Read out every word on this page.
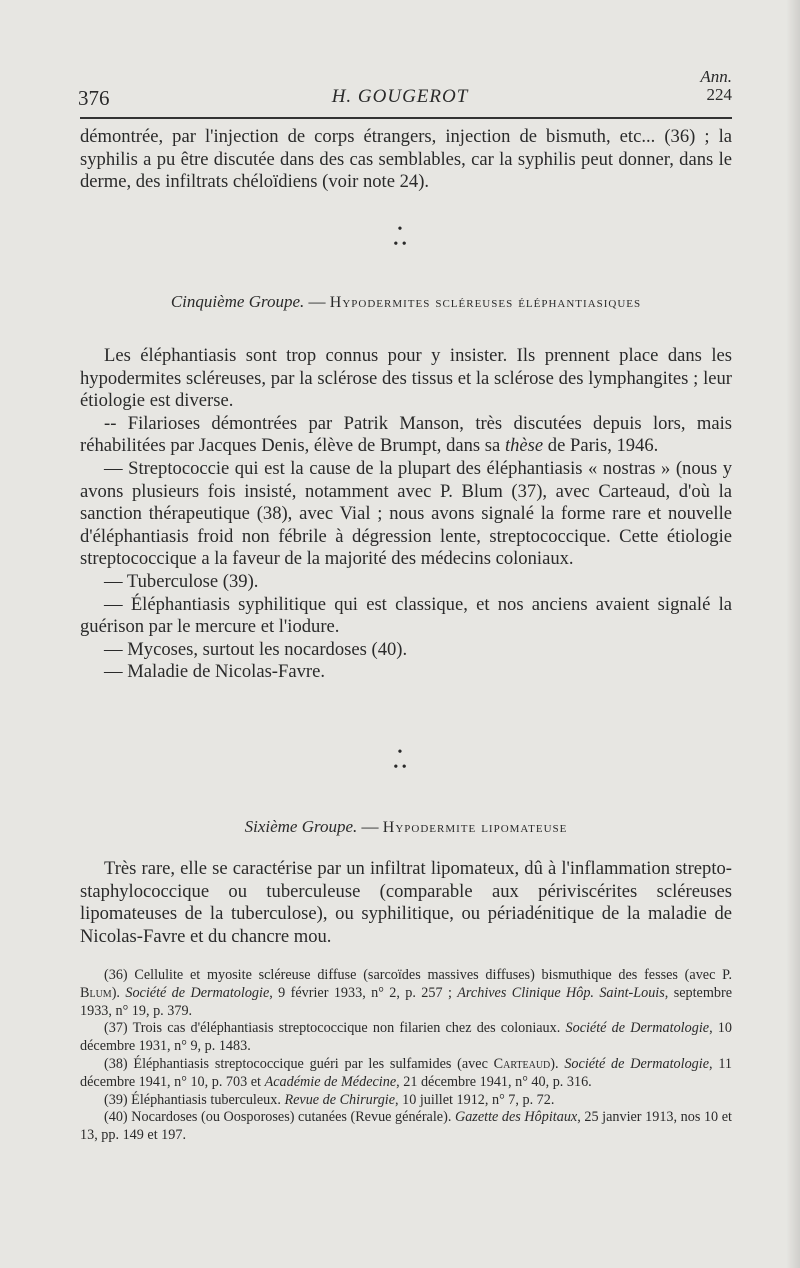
Ann.
224
376	H. GOUGEROT

démontrée, par l'injection de corps étrangers, injection de bismuth, etc... (36) ; la syphilis a pu être discutée dans des cas semblables, car la syphilis peut donner, dans le derme, des infiltrats chéloïdiens (voir note 24).

•
• •
Cinquième Groupe. — Hypodermites scléreuses éléphantiasiques

Les éléphantiasis sont trop connus pour y insister. Ils prennent place dans les hypodermites scléreuses, par la sclérose des tissus et la sclérose des lymphangites ; leur étiologie est diverse.

-- Filarioses démontrées par Patrik Manson, très discutées depuis lors, mais réhabilitées par Jacques Denis, élève de Brumpt, dans sa thèse de Paris, 1946.

— Streptococcie qui est la cause de la plupart des éléphantiasis « nostras » (nous y avons plusieurs fois insisté, notamment avec P. Blum (37), avec Carteaud, d'où la sanction thérapeutique (38), avec Vial ; nous avons signalé la forme rare et nouvelle d'éléphantiasis froid non fébrile à dégression lente, streptococcique. Cette étiologie streptococcique a la faveur de la majorité des médecins coloniaux.

— Tuberculose (39).

— Éléphantiasis syphilitique qui est classique, et nos anciens avaient signalé la guérison par le mercure et l'iodure.

— Mycoses, surtout les nocardoses (40).

— Maladie de Nicolas-Favre.

•
• •
Sixième Groupe. — Hypodermite lipomateuse

Très rare, elle se caractérise par un infiltrat lipomateux, dû à l'inflammation strepto-staphylococcique ou tuberculeuse (comparable aux périviscérites scléreuses lipomateuses de la tuberculose), ou syphilitique, ou périadénitique de la maladie de Nicolas-Favre et du chancre mou.

(36) Cellulite et myosite scléreuse diffuse (sarcoïdes massives diffuses) bismuthique des fesses (avec P. Blum). Société de Dermatologie, 9 février 1933, n° 2, p. 257 ; Archives Clinique Hôp. Saint-Louis, septembre 1933, n° 19, p. 379.

(37) Trois cas d'éléphantiasis streptococcique non filarien chez des coloniaux. Société de Dermatologie, 10 décembre 1931, n° 9, p. 1483.

(38) Éléphantiasis streptococcique guéri par les sulfamides (avec Carteaud). Société de Dermatologie, 11 décembre 1941, n° 10, p. 703 et Académie de Médecine, 21 décembre 1941, n° 40, p. 316.

(39) Éléphantiasis tuberculeux. Revue de Chirurgie, 10 juillet 1912, n° 7, p. 72.

(40) Nocardoses (ou Oosporoses) cutanées (Revue générale). Gazette des Hôpitaux, 25 janvier 1913, nos 10 et 13, pp. 149 et 197.
